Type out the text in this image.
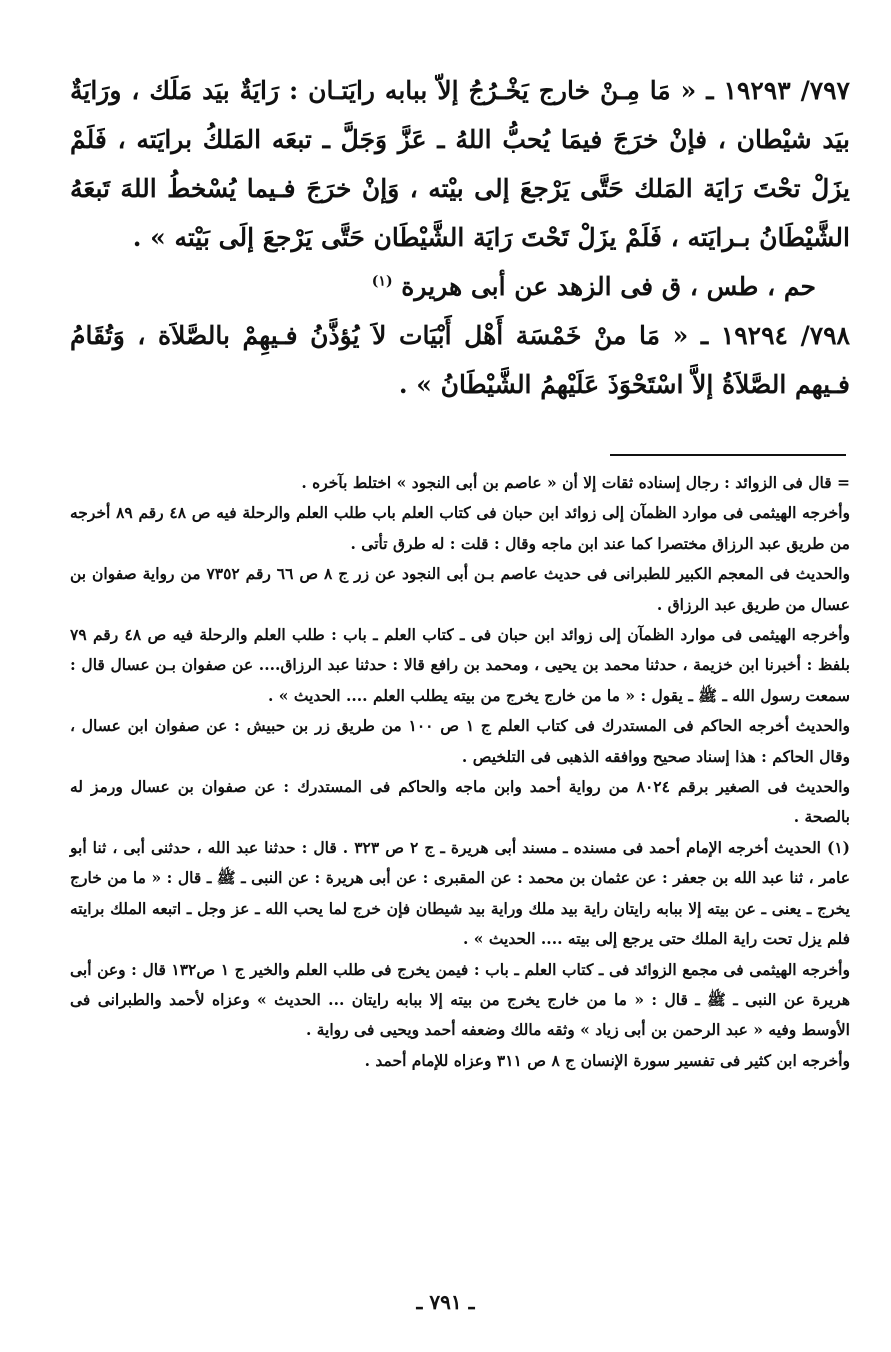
٧٩٧/ ١٩٢٩٣ ـ « مَا مِـنْ خارج يَخْـرُجُ إلاّ ببابه رايَتـان : رَايَةٌ بيَد مَلَك ، ورَايَةٌ بيَد شيْطان ، فإنْ خرَجَ فيمَا يُحبُّ اللهُ ـ عَزَّ وَجَلَّ ـ تبعَه المَلكُ برايَته ، فَلَمْ يزَلْ تحْتَ رَايَة المَلك حَتَّى يَرْجعَ إلى بيْته ، وَإنْ خرَجَ فـيما يُسْخطُ اللهَ تَبعَهُ الشَّيْطَانُ بـرايَته ، فَلَمْ يزَلْ تَحْتَ رَايَة الشَّيْطَان حَتَّى يَرْجعَ إلَى بَيْته » .

حم ، طس ، ق فى الزهد عن أبى هريرة $^{(١)}$

٧٩٨/ ١٩٢٩٤ ـ « مَا منْ خَمْسَة أَهْل أَبْيَات لاَ يُؤذَّنُ فـيهِمْ بالصَّلاَة ، وَتُقَامُ فـيهم الصَّلاَةُ إلاَّ اسْتَحْوَذَ عَلَيْهمُ الشَّيْطَانُ » .

= قال فى الزوائد : رجال إسناده ثقات إلا أن « عاصم بن أبى النجود » اختلط بآخره .

وأخرجه الهيثمى فى موارد الظمآن إلى زوائد ابن حبان فى كتاب العلم باب طلب العلم والرحلة فيه ص ٤٨ رقم ٨٩ أخرجه من طريق عبد الرزاق مختصرا كما عند ابن ماجه وقال : قلت : له طرق تأتى .

والحديث فى المعجم الكبير للطبرانى فى حديث عاصم بـن أبى النجود عن زر ج ٨ ص ٦٦ رقم ٧٣٥٢ من رواية صفوان بن عسال من طريق عبد الرزاق .

وأخرجه الهيثمى فى موارد الظمآن إلى زوائد ابن حبان فى ـ كتاب العلم ـ باب : طلب العلم والرحلة فيه ص ٤٨ رقم ٧٩ بلفظ : أخبرنا ابن خزيمة ، حدثنا محمد بن يحيى ، ومحمد بن رافع قالا : حدثنا عبد الرزاق.... عن صفوان بـن عسال قال : سمعت رسول الله ـ ﷺ ـ يقول : « ما من خارج يخرج من بيته يطلب العلم .... الحديث » .

والحديث أخرجه الحاكم فى المستدرك فى كتاب العلم ج ١ ص ١٠٠ من طريق زر بن حبيش : عن صفوان ابن عسال ، وقال الحاكم : هذا إسناد صحيح ووافقه الذهبى فى التلخيص .

والحديث فى الصغير برقم ٨٠٢٤ من رواية أحمد وابن ماجه والحاكم فى المستدرك : عن صفوان بن عسال ورمز له بالصحة .

(١) الحديث أخرجه الإمام أحمد فى مسنده ـ مسند أبى هريرة ـ ج ٢ ص ٣٢٣ . قال : حدثنا عبد الله ، حدثنى أبى ، ثنا أبو عامر ، ثنا عبد الله بن جعفر : عن عثمان بن محمد : عن المقبرى : عن أبى هريرة : عن النبى ـ ﷺ ـ قال : « ما من خارج يخرج ـ يعنى ـ عن بيته إلا ببابه رايتان راية بيد ملك وراية بيد شيطان فإن خرج لما يحب الله ـ عز وجل ـ اتبعه الملك برايته فلم يزل تحت راية الملك حتى يرجع إلى بيته .... الحديث » .

وأخرجه الهيثمى فى مجمع الزوائد فى ـ كتاب العلم ـ باب : فيمن يخرج فى طلب العلم والخير ج ١ ص١٣٢ قال : وعن أبى هريرة عن النبى ـ ﷺ ـ قال : « ما من خارج يخرج من بيته إلا ببابه رايتان ... الحديث » وعزاه لأحمد والطبرانى فى الأوسط وفيه « عبد الرحمن بن أبى زياد » وثقه مالك وضعفه أحمد ويحيى فى رواية .

وأخرجه ابن كثير فى تفسير سورة الإنسان ج ٨ ص ٣١١ وعزاه للإمام أحمد .

ـ ٧٩١ ـ
